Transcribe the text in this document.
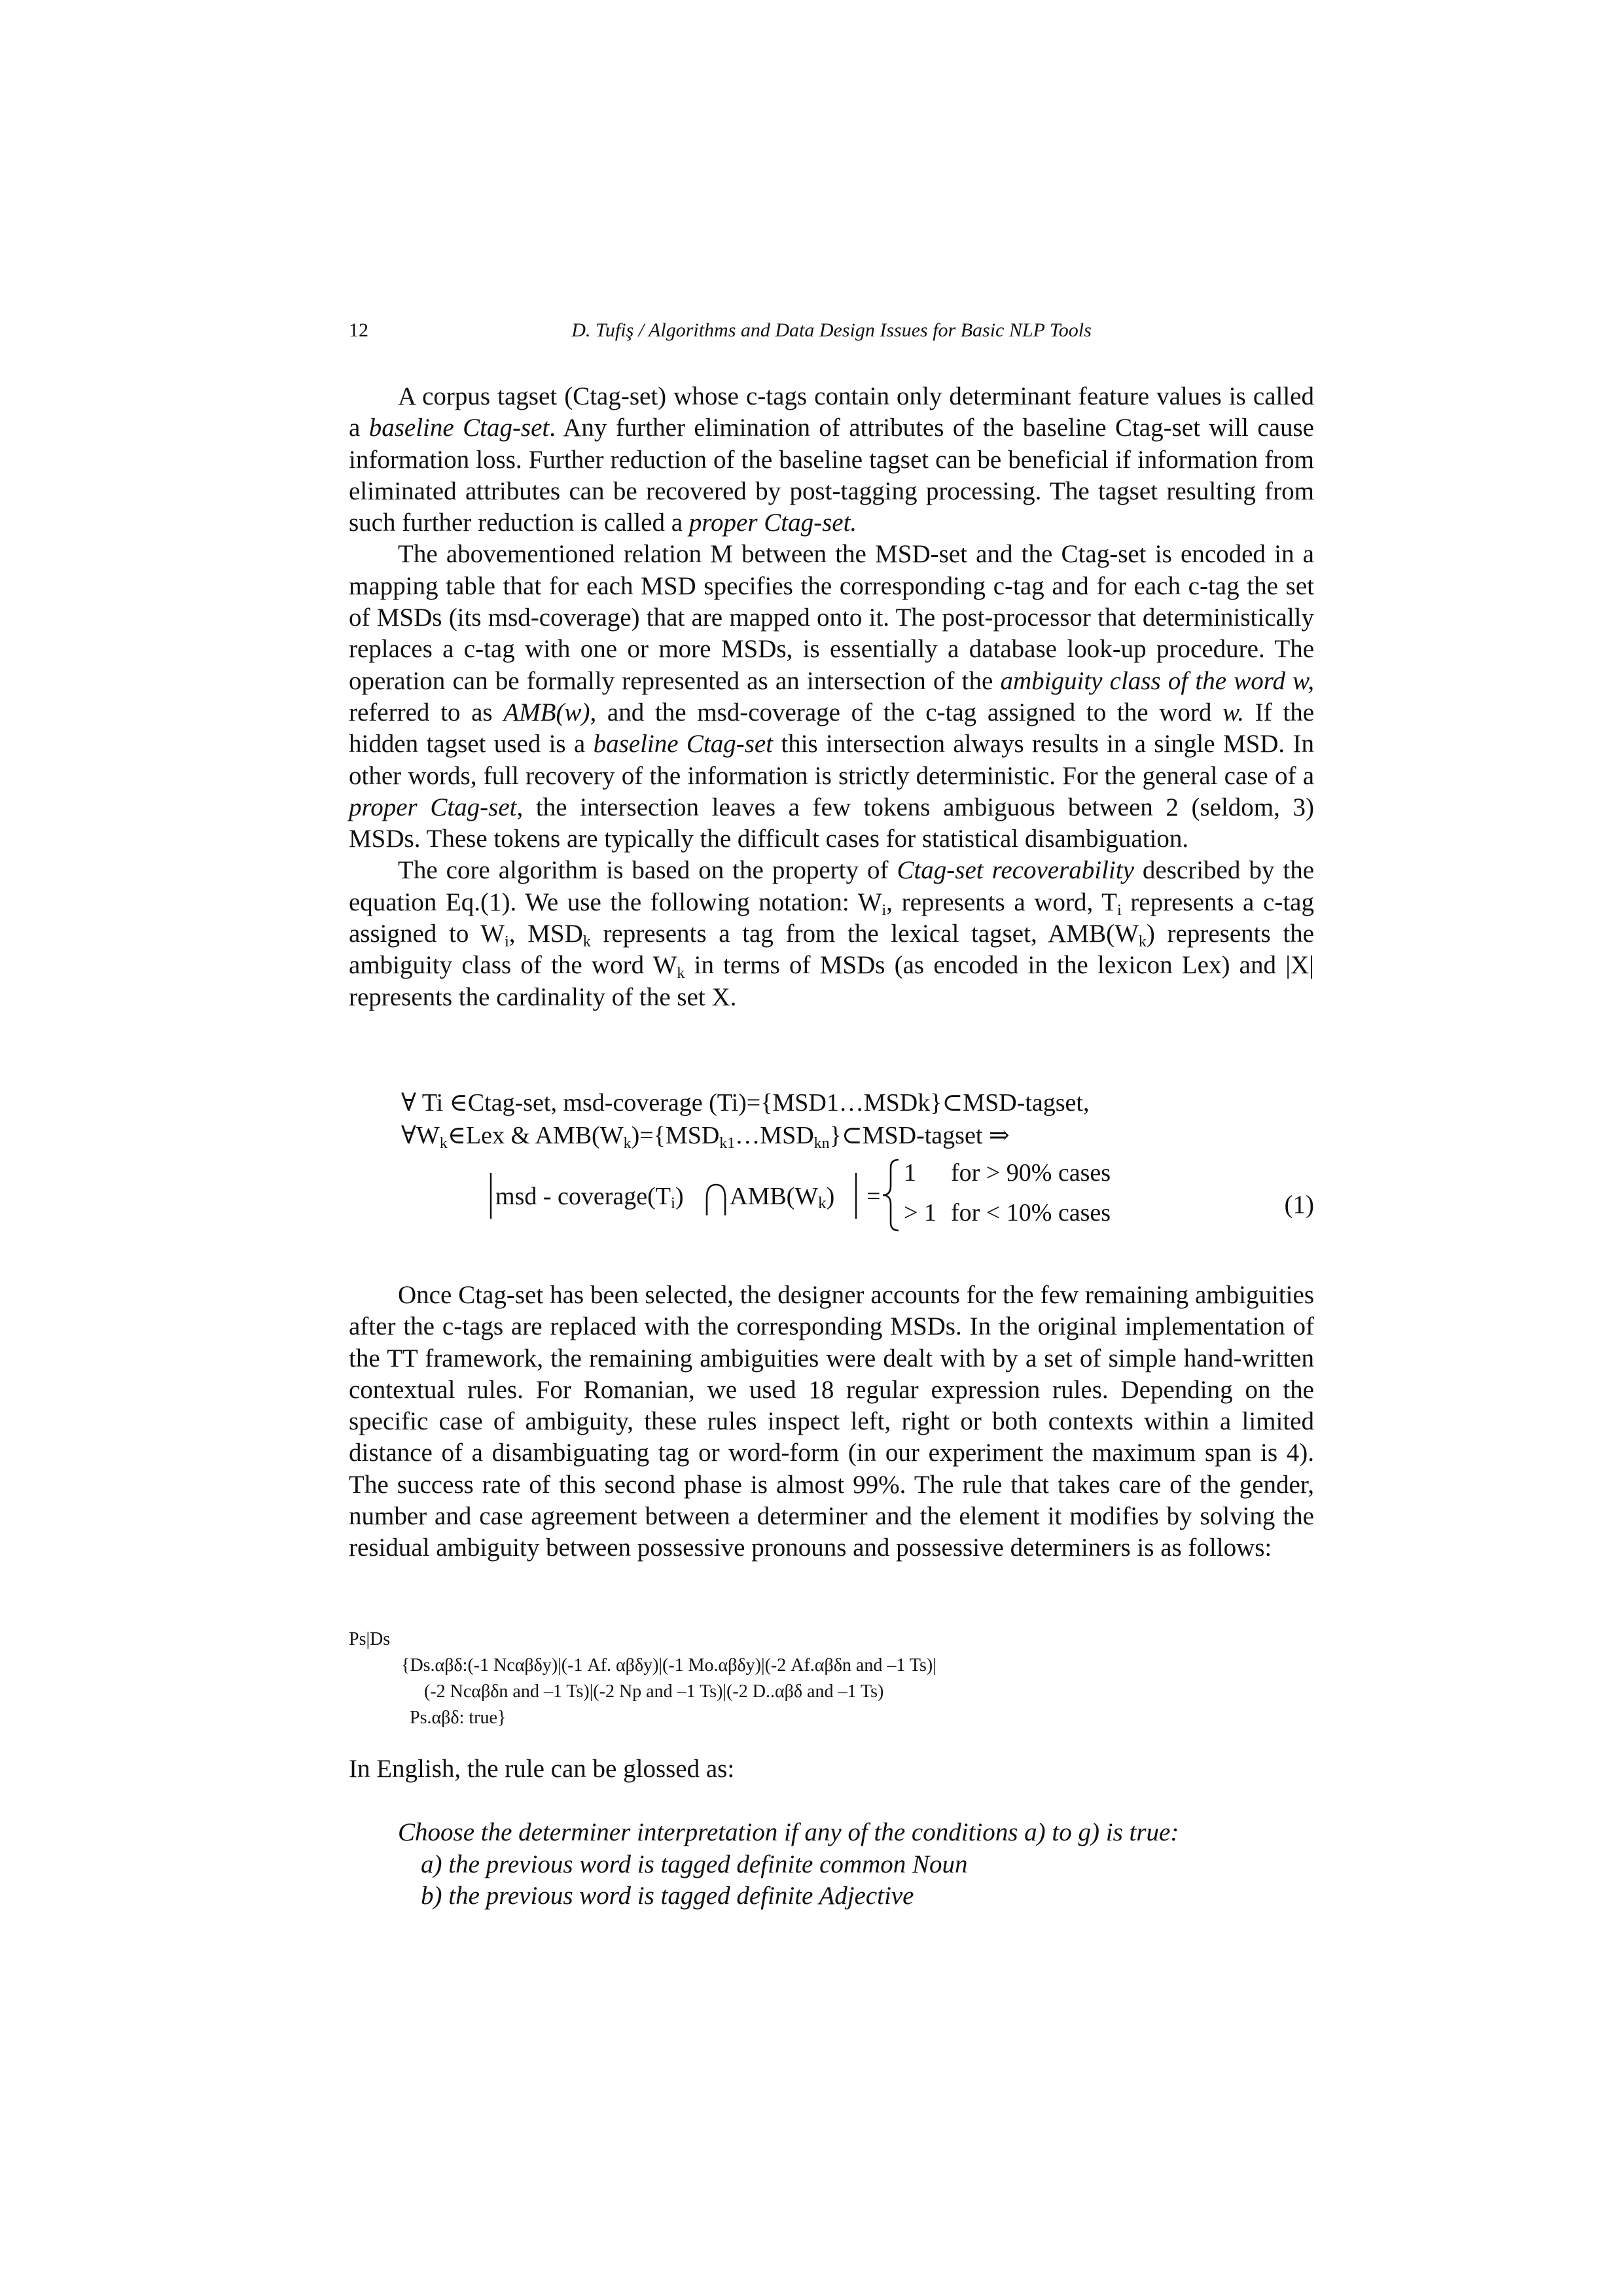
12	D. Tufiş / Algorithms and Data Design Issues for Basic NLP Tools

A corpus tagset (Ctag-set) whose c-tags contain only determinant feature values is called a baseline Ctag-set. Any further elimination of attributes of the baseline Ctag-set will cause information loss. Further reduction of the baseline tagset can be beneficial if information from eliminated attributes can be recovered by post-tagging processing. The tagset resulting from such further reduction is called a proper Ctag-set.

The abovementioned relation M between the MSD-set and the Ctag-set is encoded in a mapping table that for each MSD specifies the corresponding c-tag and for each c-tag the set of MSDs (its msd-coverage) that are mapped onto it. The post-processor that deterministically replaces a c-tag with one or more MSDs, is essentially a database look-up procedure. The operation can be formally represented as an intersection of the ambiguity class of the word w, referred to as AMB(w), and the msd-coverage of the c-tag assigned to the word w. If the hidden tagset used is a baseline Ctag-set this intersection always results in a single MSD. In other words, full recovery of the information is strictly deterministic. For the general case of a proper Ctag-set, the intersection leaves a few tokens ambiguous between 2 (seldom, 3) MSDs. These tokens are typically the difficult cases for statistical disambiguation.

The core algorithm is based on the property of Ctag-set recoverability described by the equation Eq.(1). We use the following notation: $W_i$, represents a word, $T_i$ represents a c-tag assigned to $W_i$, $MSD_k$ represents a tag from the lexical tagset, $AMB(W_k)$ represents the ambiguity class of the word $W_k$ in terms of MSDs (as encoded in the lexicon Lex) and |X| represents the cardinality of the set X.

∀ Ti ∈Ctag-set, msd-coverage (Ti)={MSD1…MSDk}⊂MSD-tagset,
$\forall W_k\in Lex$ & $AMB(W_k)=\{MSD_{k1}\dots MSD_{kn}\}\subset MSD$-tagset ⇒
msd - coverage(Ti) AMB(Wk) =
1 for > 90% cases
> 1 for < 10% cases	(1)

Once Ctag-set has been selected, the designer accounts for the few remaining ambiguities after the c-tags are replaced with the corresponding MSDs. In the original implementation of the TT framework, the remaining ambiguities were dealt with by a set of simple hand-written contextual rules. For Romanian, we used 18 regular expression rules. Depending on the specific case of ambiguity, these rules inspect left, right or both contexts within a limited distance of a disambiguating tag or word-form (in our experiment the maximum span is 4). The success rate of this second phase is almost 99%. The rule that takes care of the gender, number and case agreement between a determiner and the element it modifies by solving the residual ambiguity between possessive pronouns and possessive determiners is as follows:

Ps|Ds
{Ds.αβδ:(-1 Ncαβδy)|(-1 Af. αβδy)|(-1 Mo.αβδy)|(-2 Af.αβδn and –1 Ts)|
(-2 Ncαβδn and –1 Ts)|(-2 Np and –1 Ts)|(-2 D..αβδ and –1 Ts)
Ps.αβδ: true}
In English, the rule can be glossed as:
Choose the determiner interpretation if any of the conditions a) to g) is true:
a) the previous word is tagged definite common Noun
b) the previous word is tagged definite Adjective
